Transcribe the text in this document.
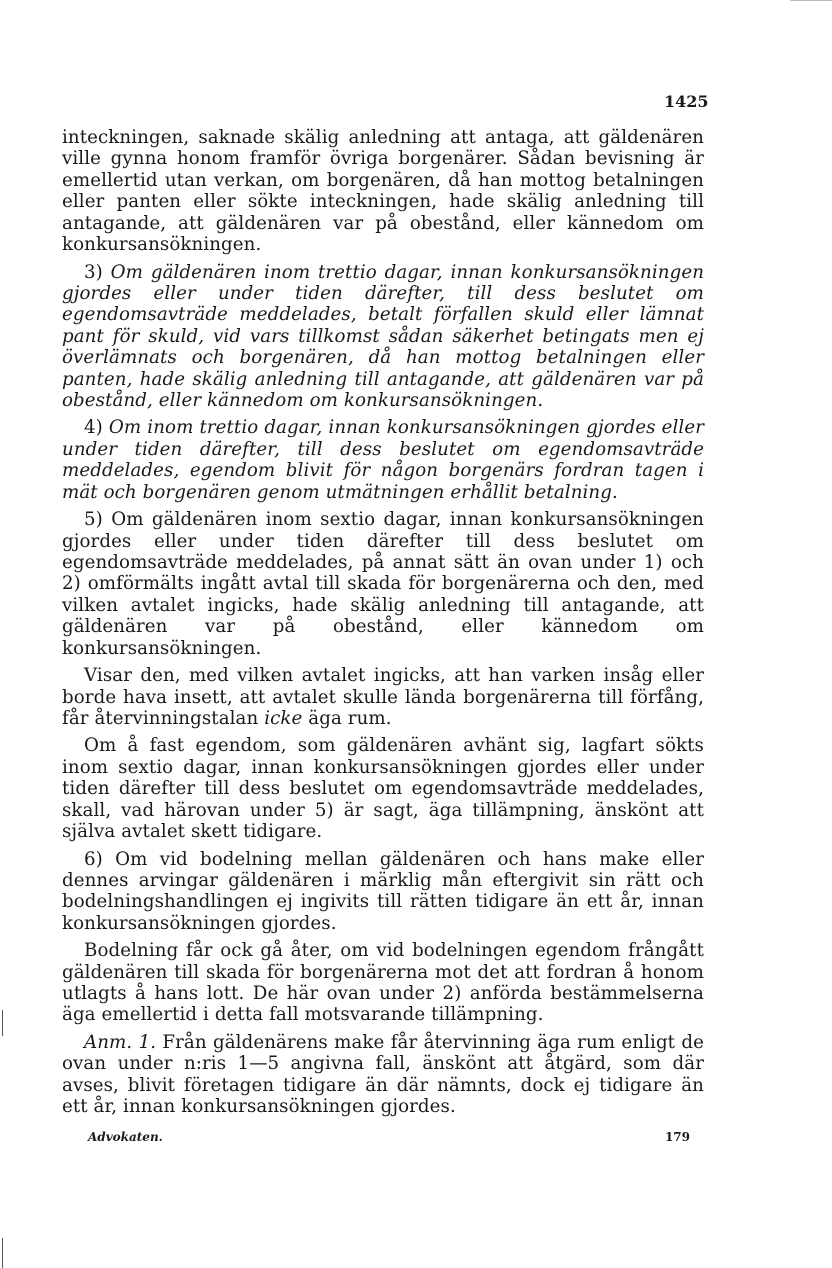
1425

inteckningen, saknade skälig anledning att antaga, att gäldenären ville gynna honom framför övriga borgenärer. Sådan bevisning är emellertid utan verkan, om borgenären, då han mottog betalningen eller panten eller sökte inteckningen, hade skälig anledning till antagande, att gäldenären var på obestånd, eller kännedom om konkursansökningen.

3) Om gäldenären inom trettio dagar, innan konkursansökningen gjordes eller under tiden därefter, till dess beslutet om egendomsavträde meddelades, betalt förfallen skuld eller lämnat pant för skuld, vid vars tillkomst sådan säkerhet betingats men ej överlämnats och borgenären, då han mottog betalningen eller panten, hade skälig anledning till antagande, att gäldenären var på obestånd, eller kännedom om konkursansökningen.

4) Om inom trettio dagar, innan konkursansökningen gjordes eller under tiden därefter, till dess beslutet om egendomsavträde meddelades, egendom blivit för någon borgenärs fordran tagen i mät och borgenären genom utmätningen erhållit betalning.

5) Om gäldenären inom sextio dagar, innan konkursansökningen gjordes eller under tiden därefter till dess beslutet om egendomsavträde meddelades, på annat sätt än ovan under 1) och 2) omförmälts ingått avtal till skada för borgenärerna och den, med vilken avtalet ingicks, hade skälig anledning till antagande, att gäldenären var på obestånd, eller kännedom om konkursansökningen.

Visar den, med vilken avtalet ingicks, att han varken insåg eller borde hava insett, att avtalet skulle lända borgenärerna till förfång, får återvinningstalan icke äga rum.

Om å fast egendom, som gäldenären avhänt sig, lagfart sökts inom sextio dagar, innan konkursansökningen gjordes eller under tiden därefter till dess beslutet om egendomsavträde meddelades, skall, vad härovan under 5) är sagt, äga tillämpning, änskönt att själva avtalet skett tidigare.

6) Om vid bodelning mellan gäldenären och hans make eller dennes arvingar gäldenären i märklig mån eftergivit sin rätt och bodelningshandlingen ej ingivits till rätten tidigare än ett år, innan konkursansökningen gjordes.

Bodelning får ock gå åter, om vid bodelningen egendom frångått gäldenären till skada för borgenärerna mot det att fordran å honom utlagts å hans lott. De här ovan under 2) anförda bestämmelserna äga emellertid i detta fall motsvarande tillämpning.

Anm. 1. Från gäldenärens make får återvinning äga rum enligt de ovan under n:ris 1—5 angivna fall, änskönt att åtgärd, som där avses, blivit företagen tidigare än där nämnts, dock ej tidigare än ett år, innan konkursansökningen gjordes.

Advokaten.	179
